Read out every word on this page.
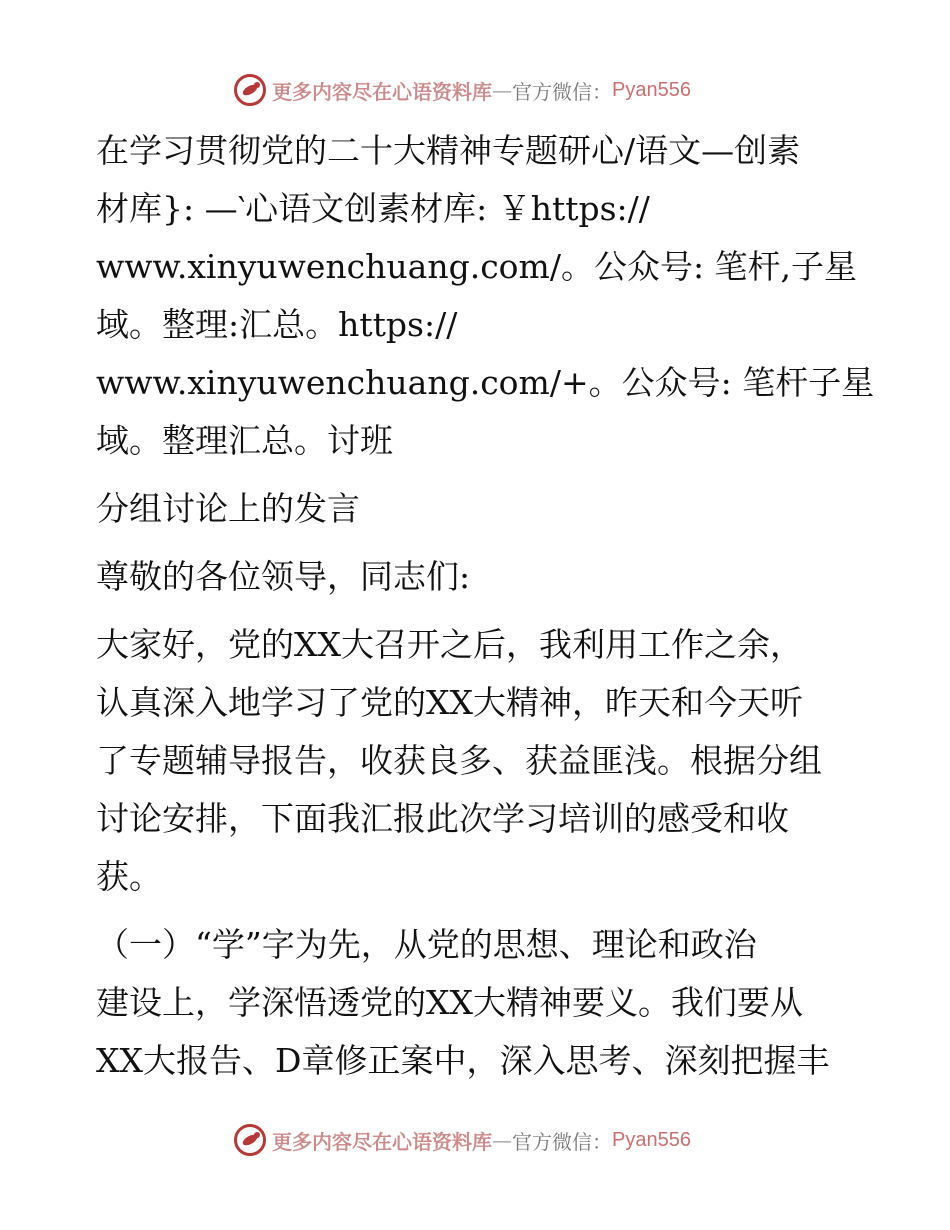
更多内容尽在心语资料库 — 官方微信： Pyan556

在学习贯彻党的二十大精神专题研心/语文—创素
材库}: —‵心语文创素材库: ￥https://
www.xinyuwenchuang.com/。公众号: 笔杆,子星
域。整理:汇总。https://
www.xinyuwenchuang.com/+。公众号: 笔杆子星
域。整理汇总。讨班

分组讨论上的发言

尊敬的各位领导，同志们:

大家好，党的XX大召开之后，我利用工作之余，
认真深入地学习了党的XX大精神，昨天和今天听
了专题辅导报告，收获良多、获益匪浅。根据分组
讨论安排，下面我汇报此次学习培训的感受和收
获。

（一）“学”字为先，从党的思想、理论和政治
建设上，学深悟透党的XX大精神要义。我们要从
XX大报告、D章修正案中，深入思考、深刻把握丰

更多内容尽在心语资料库 — 官方微信： Pyan556
